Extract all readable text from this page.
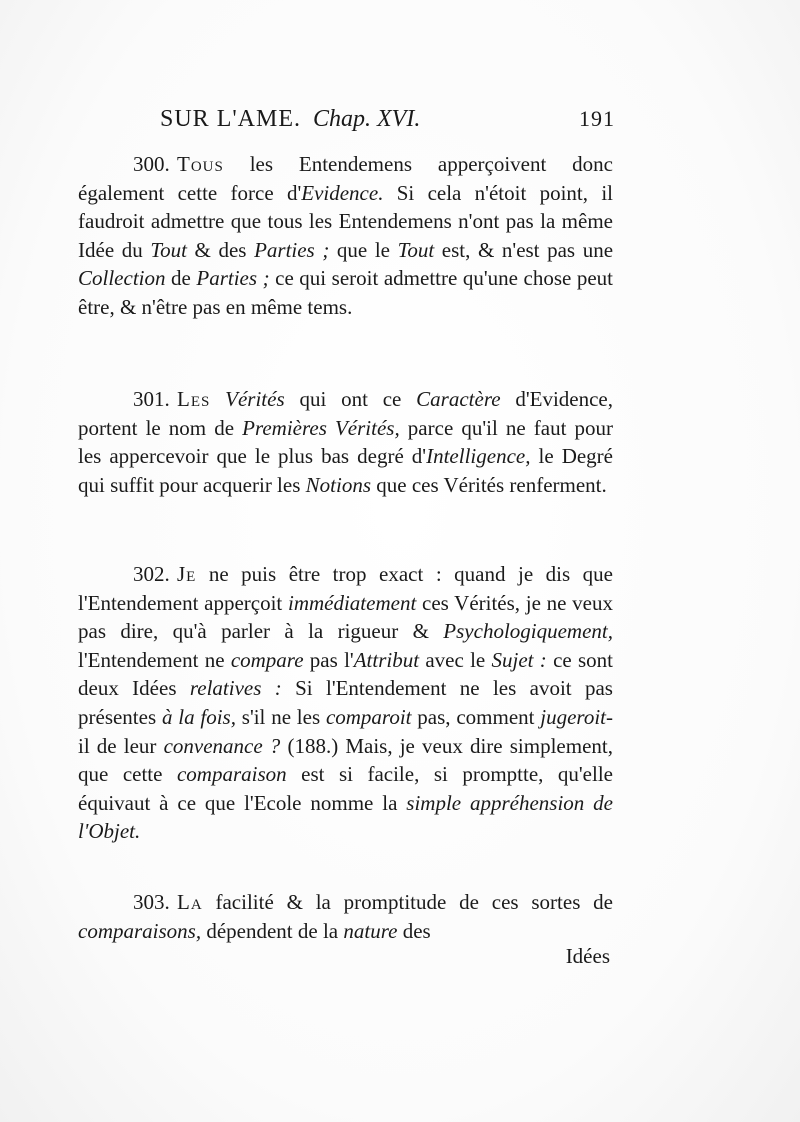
SUR L'AME. Chap. XVI.	191

300. Tous les Entendemens apperçoivent donc également cette force d'Evidence. Si cela n'étoit point, il faudroit admettre que tous les Entendemens n'ont pas la même Idée du Tout & des Parties ; que le Tout est, & n'est pas une Collection de Parties ; ce qui seroit admettre qu'une chose peut être, & n'être pas en même tems.

301. Les Vérités qui ont ce Caractère d'Evidence, portent le nom de Premières Vérités, parce qu'il ne faut pour les appercevoir que le plus bas degré d'Intelligence, le Degré qui suffit pour acquerir les Notions que ces Vérités renferment.

302. Je ne puis être trop exact : quand je dis que l'Entendement apperçoit immédiatement ces Vérités, je ne veux pas dire, qu'à parler à la rigueur & Psychologiquement, l'Entendement ne compare pas l'Attribut avec le Sujet : ce sont deux Idées relatives : Si l'Entendement ne les avoit pas présentes à la fois, s'il ne les comparoit pas, comment jugeroit-il de leur convenance ? (188.) Mais, je veux dire simplement, que cette comparaison est si facile, si promptte, qu'elle équivaut à ce que l'Ecole nomme la simple appréhension de l'Objet.

303. La facilité & la promptitude de ces sortes de comparaisons, dépendent de la nature des

Idées
